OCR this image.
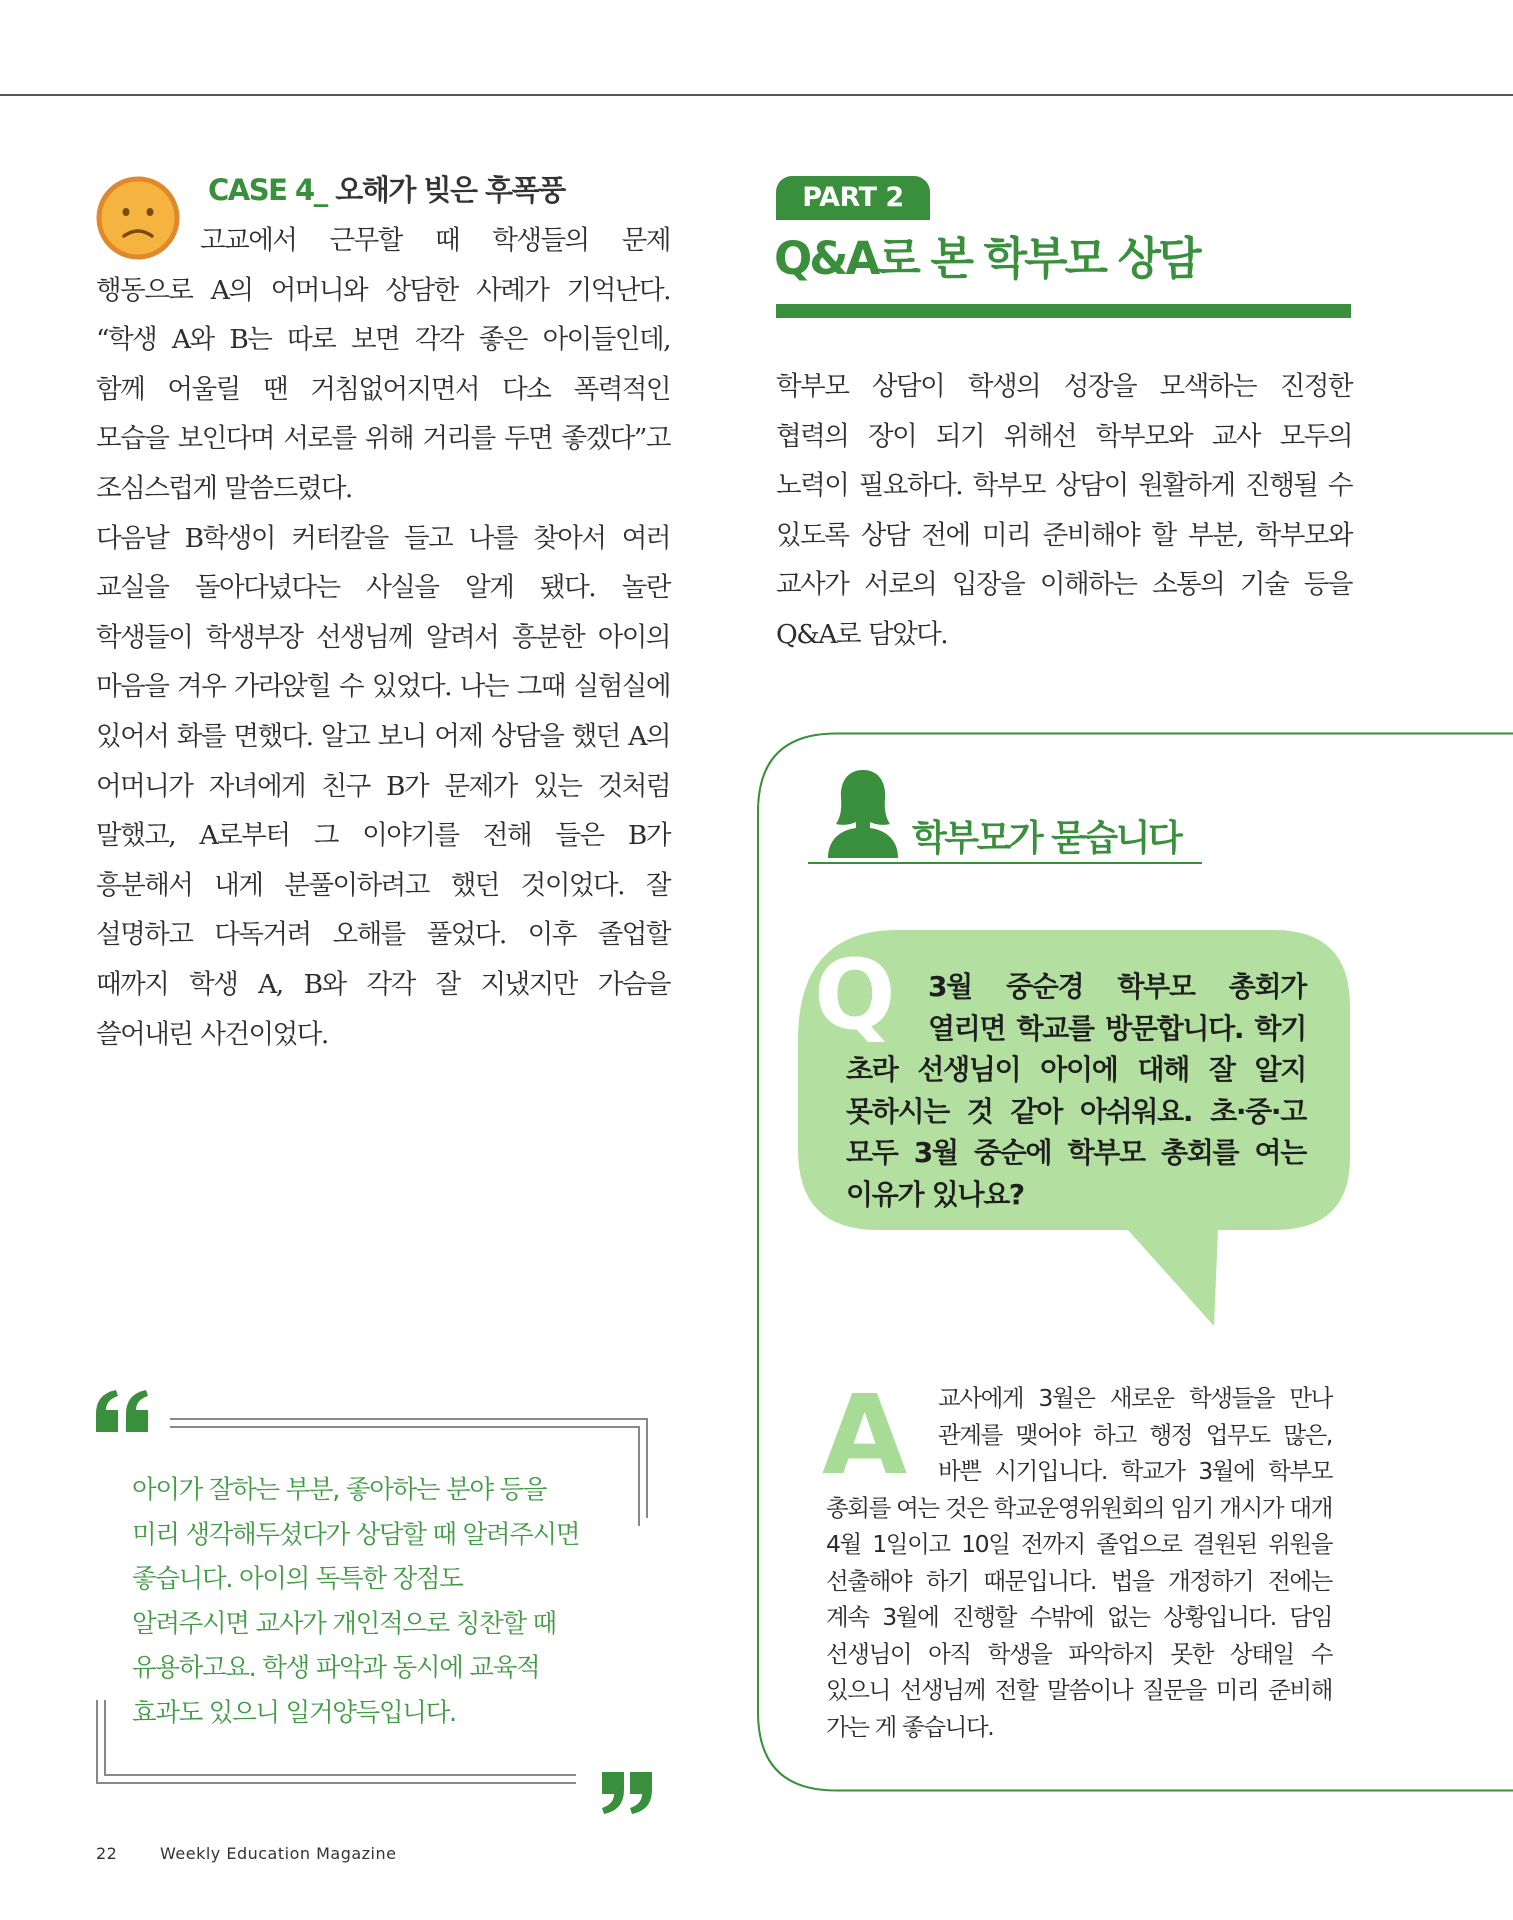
CASE 4_ 오해가 빚은 후폭풍

고교에서 근무할 때 학생들의 문제 행동으로 A의 어머니와 상담한 사례가 기억난다. “학생 A와 B는 따로 보면 각각 좋은 아이들인데, 함께 어울릴 땐 거침없어지면서 다소 폭력적인 모습을 보인다며 서로를 위해 거리를 두면 좋겠다”고 조심스럽게 말씀드렸다.

다음날 B학생이 커터칼을 들고 나를 찾아서 여러 교실을 돌아다녔다는 사실을 알게 됐다. 놀란 학생들이 학생부장 선생님께 알려서 흥분한 아이의 마음을 겨우 가라앉힐 수 있었다. 나는 그때 실험실에 있어서 화를 면했다. 알고 보니 어제 상담을 했던 A의 어머니가 자녀에게 친구 B가 문제가 있는 것처럼 말했고, A로부터 그 이야기를 전해 들은 B가 흥분해서 내게 분풀이하려고 했던 것이었다. 잘 설명하고 다독거려 오해를 풀었다. 이후 졸업할 때까지 학생 A, B와 각각 잘 지냈지만 가슴을 쓸어내린 사건이었다.

아이가 잘하는 부분, 좋아하는 분야 등을
미리 생각해두셨다가 상담할 때 알려주시면
좋습니다. 아이의 독특한 장점도
알려주시면 교사가 개인적으로 칭찬할 때
유용하고요. 학생 파악과 동시에 교육적
효과도 있으니 일거양득입니다.
22	Weekly Education Magazine
PART 2
Q&A로 본 학부모 상담

학부모 상담이 학생의 성장을 모색하는 진정한 협력의 장이 되기 위해선 학부모와 교사 모두의 노력이 필요하다. 학부모 상담이 원활하게 진행될 수 있도록 상담 전에 미리 준비해야 할 부분, 학부모와 교사가 서로의 입장을 이해하는 소통의 기술 등을 Q&A로 담았다.

학부모가 묻습니다
Q	3월 중순경 학부모 총회가 열리면 학교를 방문합니다. 학기 초라 선생님이 아이에 대해 잘 알지 못하시는 것 같아 아쉬워요. 초·중·고 모두 3월 중순에 학부모 총회를 여는 이유가 있나요?

A	교사에게 3월은 새로운 학생들을 만나 관계를 맺어야 하고 행정 업무도 많은, 바쁜 시기입니다. 학교가 3월에 학부모 총회를 여는 것은 학교운영위원회의 임기 개시가 대개 4월 1일이고 10일 전까지 졸업으로 결원된 위원을 선출해야 하기 때문입니다. 법을 개정하기 전에는 계속 3월에 진행할 수밖에 없는 상황입니다. 담임 선생님이 아직 학생을 파악하지 못한 상태일 수 있으니 선생님께 전할 말씀이나 질문을 미리 준비해 가는 게 좋습니다.
